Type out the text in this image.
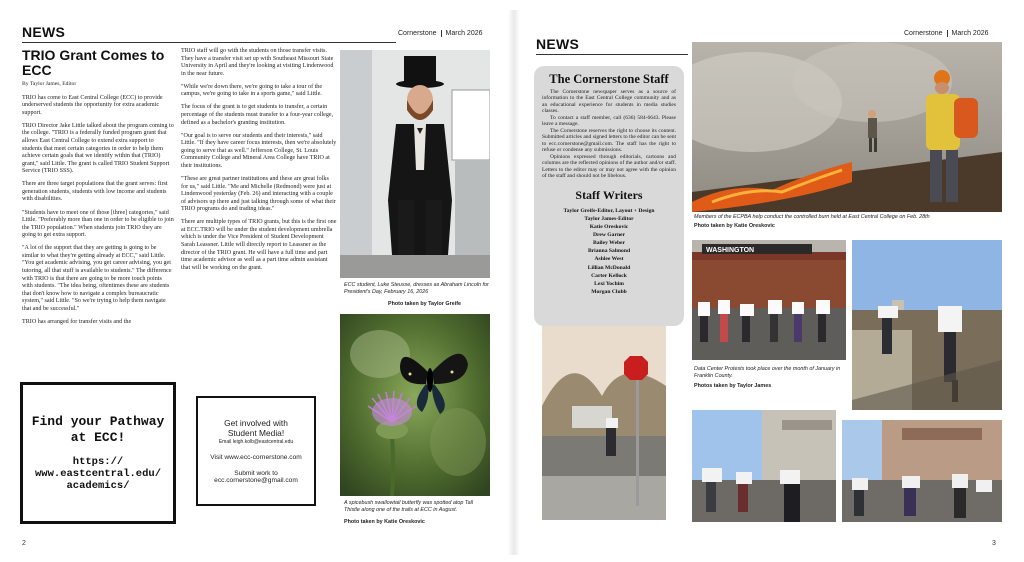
NEWS	Cornerstone	March 2026
TRIO Grant Comes to ECC
By Taylor James, Editor

TRIO has come to East Central College (ECC) to provide underserved students the opportunity for extra academic support.

TRIO Director Jake Little talked about the program coming to the college. "TRIO is a federally funded program grant that allows East Central College to extend extra support to students that meet certain categories in order to help them achieve certain goals that we identify within that (TRIO) grant," said Little. The grant is called TRIO Student Support Service (TRIO SSS).

There are three target populations that the grant serves: first generation students, students with low income and students with disabilities.

"Students have to meet one of those [three] categories," said Little. "Preferably more than one in order to be eligible to join the TRIO population." When students join TRIO they are going to get extra support.

"A lot of the support that they are getting is going to be similar to what they're getting already at ECC," said Little. "You get academic advising, you get career advising, you get tutoring, all that stuff is available to students." The difference with TRIO is that there are going to be more touch points with students. "The idea being, oftentimes these are students that don't know how to navigate a complex bureaucratic system," said Little. "So we're trying to help them navigate that and be successful."

TRIO has arranged for transfer visits and the

TRIO staff will go with the students on those transfer visits. They have a transfer visit set up with Southeast Missouri State University in April and they're looking at visiting Lindenwood in the near future.

"While we're down there, we're going to take a tour of the campus, we're going to take in a sports game," said Little.

The focus of the grant is to get students to transfer, a certain percentage of the students must transfer to a four-year college, defined as a bachelor's granting institution.

"Our goal is to serve our students and their interests," said Little. "If they have career focus interests, then we're absolutely going to serve that as well." Jefferson College, St. Louis Community College and Mineral Area College have TRIO at their institutions.

"These are great partner institutions and these are great folks for us," said Little. "Me and Michelle (Redmond) were just at Lindenwood yesterday (Feb. 26) and interacting with a couple of advisors up there and just talking through some of what their TRIO programs do and trading ideas."

There are multiple types of TRIO grants, but this is the first one at ECC.TRIO will be under the student development umbrella which is under the Vice President of Student Development Sarah Leassner. Little will directly report to Leassner as the director of the TRIO grant. He will have a full time and part time academic advisor as well as a part time admin assistant that will be working on the grant.

ECC student, Luke Steusse, dresses as Abraham Lincoln for President's Day, February 16, 2026
Photo taken by Taylor Greife
A spicebush swallowtail butterfly was spotted atop Tall Thistle along one of the trails at ECC in August.
Photo taken by Katie Oreskovic
Find your Pathway at ECC!
https://
www.eastcentral.edu/
academics/
Get involved with
Student Media!
Email leigh.kolb@eastcentral.edu
Visit www.ecc-cornerstone.com
Submit work to
ecc.cornerstone@gmail.com
2
Cornerstone	March 2026
NEWS
The Cornerstone Staff

The Cornerstone newspaper serves as a source of information to the East Central College community and as an educational experience for students in media studies classes.

To contact a staff member, call (636) 584-6643. Please leave a message.

The Cornerstone reserves the right to choose its content. Submitted articles and signed letters to the editor can be sent to ecc.cornerstone@gmail.com. The staff has the right to refuse or condense any submissions.

Opinions expressed through editorials, cartoons and columns are the reflected opinions of the author and/or staff. Letters to the editor may or may not agree with the opinion of the staff and should not be libelous.

Staff Writers
Taylor Greife-Editor, Layout + Design
Taylor James-Editor
Katie Oreskovic
Drew Garner
Bailey Weber
Brianna Salmond
Ashlee West
Lillian McDonald
Carter Kellock
Lexi Yochim
Morgan Clubb
Members of the ECPBA help conduct the controlled burn held at East Central College on Feb. 28th
Photo taken by Katie Oreskovic
WASHINGTON
Data Center Protests took place over the month of January in Franklin County.
Photos taken by Taylor James
3
